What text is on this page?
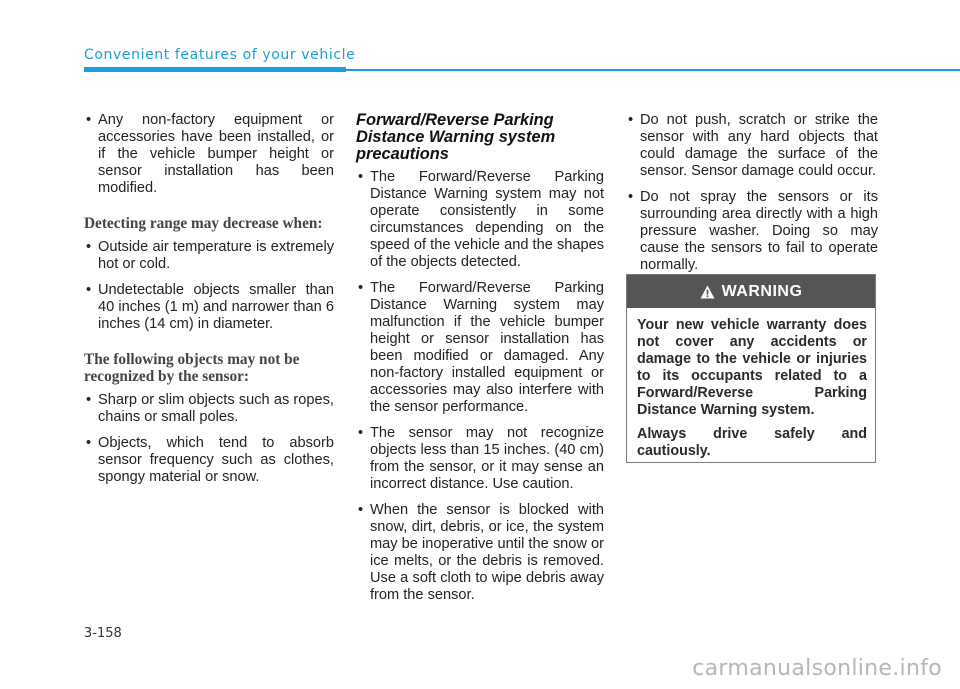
Convenient features of your vehicle
• Any non-factory equipment or accessories have been installed, or if the vehicle bumper height or sensor installation has been modified.
Detecting range may decrease when:
• Outside air temperature is extremely hot or cold.
• Undetectable objects smaller than 40 inches (1 m) and narrower than 6 inches (14 cm) in diameter.
The following objects may not be recognized by the sensor:
• Sharp or slim objects such as ropes, chains or small poles.
• Objects, which tend to absorb sensor frequency such as clothes, spongy material or snow.
Forward/Reverse Parking Distance Warning system precautions
• The Forward/Reverse Parking Distance Warning system may not operate consistently in some circumstances depending on the speed of the vehicle and the shapes of the objects detected.
• The Forward/Reverse Parking Distance Warning system may malfunction if the vehicle bumper height or sensor installation has been modified or damaged. Any non-factory installed equipment or accessories may also interfere with the sensor performance.
• The sensor may not recognize objects less than 15 inches. (40 cm) from the sensor, or it may sense an incorrect distance. Use caution.
• When the sensor is blocked with snow, dirt, debris, or ice, the system may be inoperative until the snow or ice melts, or the debris is removed. Use a soft cloth to wipe debris away from the sensor.
• Do not push, scratch or strike the sensor with any hard objects that could damage the surface of the sensor. Sensor damage could occur.
• Do not spray the sensors or its surrounding area directly with a high pressure washer. Doing so may cause the sensors to fail to operate normally.
WARNING

Your new vehicle warranty does not cover any accidents or damage to the vehicle or injuries to its occupants related to a Forward/Reverse Parking Distance Warning system.

Always drive safely and cautiously.

3-158
carmanualsonline.info
